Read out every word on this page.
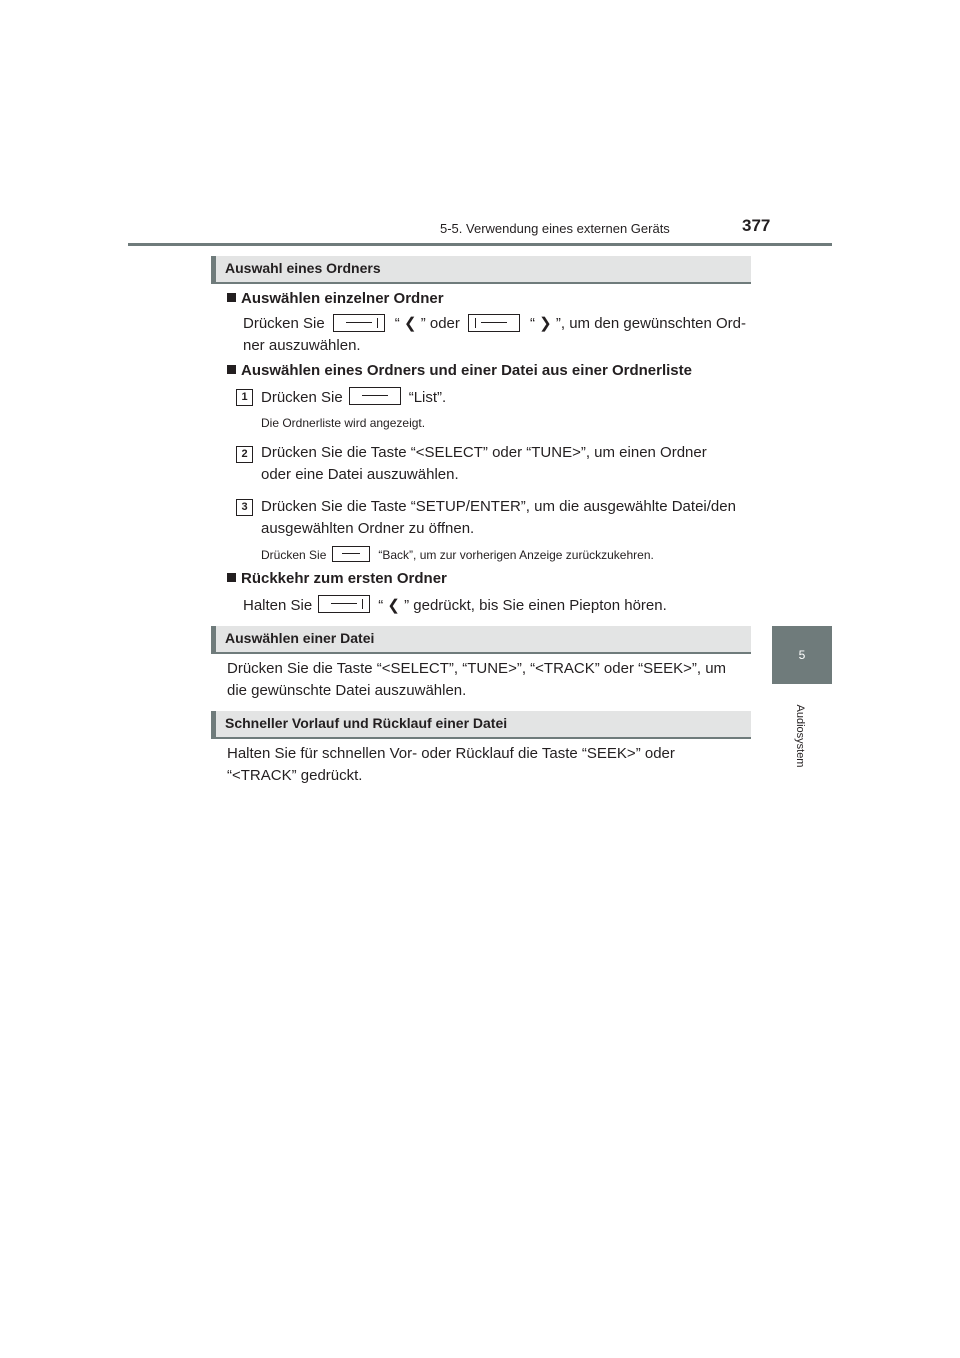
5-5. Verwendung eines externen Geräts	377
5
Audiosystem
Auswahl eines Ordners
Auswählen einzelner Ordner
Drücken Sie	“ ❮ ” oder	“ ❯ ”, um den gewünschten Ord-
ner auszuwählen.
Auswählen eines Ordners und einer Datei aus einer Ordnerliste
1 Drücken Sie	“List”.
Die Ordnerliste wird angezeigt.
2 Drücken Sie die Taste “<SELECT” oder “TUNE>”, um einen Ordner
oder eine Datei auszuwählen.
3 Drücken Sie die Taste “SETUP/ENTER”, um die ausgewählte Datei/den
ausgewählten Ordner zu öffnen.
Drücken Sie	“Back”, um zur vorherigen Anzeige zurückzukehren.
Rückkehr zum ersten Ordner
Halten Sie	“ ❮ ” gedrückt, bis Sie einen Piepton hören.
Auswählen einer Datei
Drücken Sie die Taste “<SELECT”, “TUNE>”, “<TRACK” oder “SEEK>”, um
die gewünschte Datei auszuwählen.
Schneller Vorlauf und Rücklauf einer Datei
Halten Sie für schnellen Vor- oder Rücklauf die Taste “SEEK>” oder
“<TRACK” gedrückt.
